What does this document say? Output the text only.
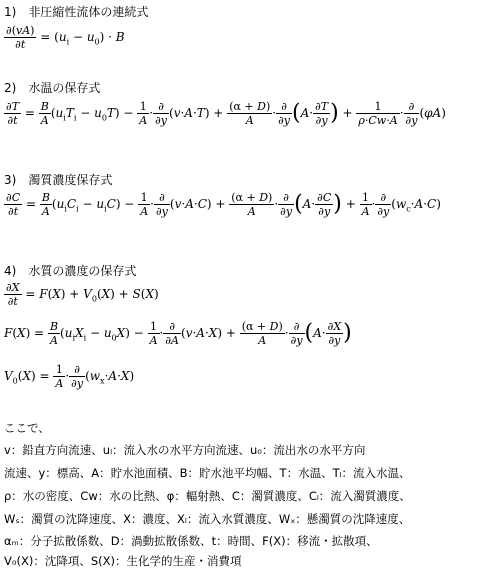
1)　非圧縮性流体の連続式
$\frac{\partial(vA)}{\partial t} = (u_i - u_0) \cdot B$
2)　水温の保存式
$\frac{\partial T}{\partial t} = \frac{B}{A} (u_iT_i - u_0T) - \frac{1}{A} \cdot \frac{\partial}{\partial y} (v\cdot A\cdot T) + \frac{(\alpha + D)}{A} \cdot \frac{\partial}{\partial y} (A\cdot \frac{\partial T}{\partial y}$ ) + $\frac{1}{\rho\cdot Cw\cdot A} \cdot \frac{\partial}{\partial y} (\varphi A)$
3)　濁質濃度保存式
$\frac{\partial C}{\partial t} = \frac{B}{A} (u_iC_i - u_iC) - \frac{1}{A} \cdot \frac{\partial}{\partial y} (v\cdot A\cdot C) + \frac{(\alpha + D)}{A} \cdot \frac{\partial}{\partial y} (A\cdot \frac{\partial C}{\partial y}$ ) + $\frac{1}{A} \cdot \frac{\partial}{\partial y} (w_c\cdot A\cdot C)$
4)　水質の濃度の保存式
$\frac{\partial X}{\partial t} = F(X) + V_0(X) + S(X)$
$F(X) = \frac{B}{A} (u_iX_i - u_0X) - \frac{1}{A} \cdot \frac{\partial}{\partial A} (v\cdot A\cdot X) + \frac{(\alpha + D)}{A} \cdot \frac{\partial}{\partial y} (A\cdot \frac{\partial X}{\partial y}$ )
$V_0(X) = \frac{1}{A} \cdot \frac{\partial}{\partial y} (w_x\cdot A\cdot X)$
ここで、
v：鉛直方向流速、uₗ：流入水の水平方向流速、u₀：流出水の水平方向
流速、y：標高、A：貯水池面積、B：貯水池平均幅、T：水温、Tₗ：流入水温、
ρ：水の密度、Cw：水の比熱、φ：輻射熱、C：濁質濃度、Cₗ：流入濁質濃度、
Wₛ：濁質の沈降速度、X：濃度、Xₗ：流入水質濃度、Wₓ：懸濁質の沈降速度、
αₘ：分子拡散係数、D：渦動拡散係数、t：時間、F(X)：移流・拡散項、
V₀(X)：沈降項、S(X)：生化学的生産・消費項
